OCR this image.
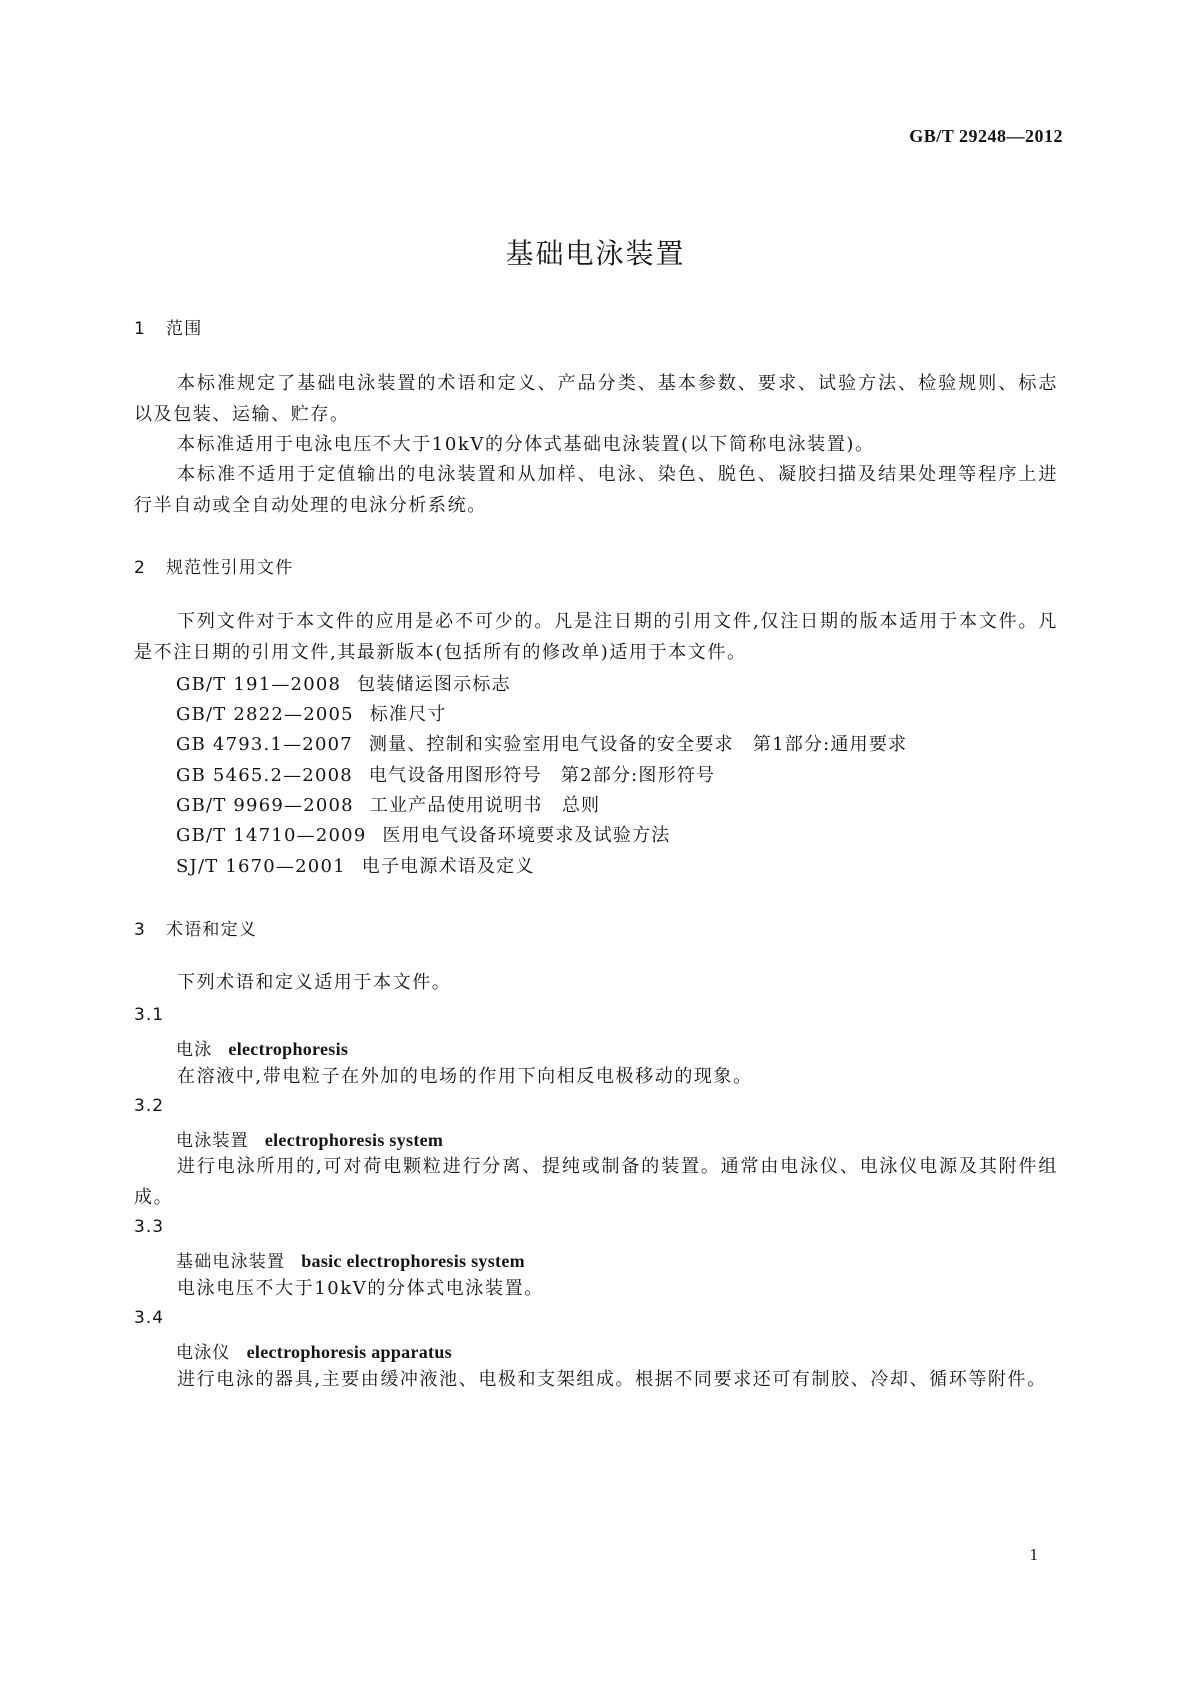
GB/T 29248—2012
基础电泳装置
1 范围
本标准规定了基础电泳装置的术语和定义、产品分类、基本参数、要求、试验方法、检验规则、标志以及包装、运输、贮存。
本标准适用于电泳电压不大于10kV的分体式基础电泳装置(以下简称电泳装置)。
本标准不适用于定值输出的电泳装置和从加样、电泳、染色、脱色、凝胶扫描及结果处理等程序上进行半自动或全自动处理的电泳分析系统。
2 规范性引用文件
下列文件对于本文件的应用是必不可少的。凡是注日期的引用文件,仅注日期的版本适用于本文件。凡是不注日期的引用文件,其最新版本(包括所有的修改单)适用于本文件。
GB/T 191—2008 包装储运图示标志
GB/T 2822—2005 标准尺寸
GB 4793.1—2007 测量、控制和实验室用电气设备的安全要求　第1部分:通用要求
GB 5465.2—2008 电气设备用图形符号　第2部分:图形符号
GB/T 9969—2008 工业产品使用说明书　总则
GB/T 14710—2009 医用电气设备环境要求及试验方法
SJ/T 1670—2001 电子电源术语及定义
3 术语和定义
下列术语和定义适用于本文件。
3.1
电泳 electrophoresis
在溶液中,带电粒子在外加的电场的作用下向相反电极移动的现象。
3.2
电泳装置 electrophoresis system
进行电泳所用的,可对荷电颗粒进行分离、提纯或制备的装置。通常由电泳仪、电泳仪电源及其附件组成。
3.3
基础电泳装置 basic electrophoresis system
电泳电压不大于10kV的分体式电泳装置。
3.4
电泳仪 electrophoresis apparatus
进行电泳的器具,主要由缓冲液池、电极和支架组成。根据不同要求还可有制胶、冷却、循环等附件。
1
